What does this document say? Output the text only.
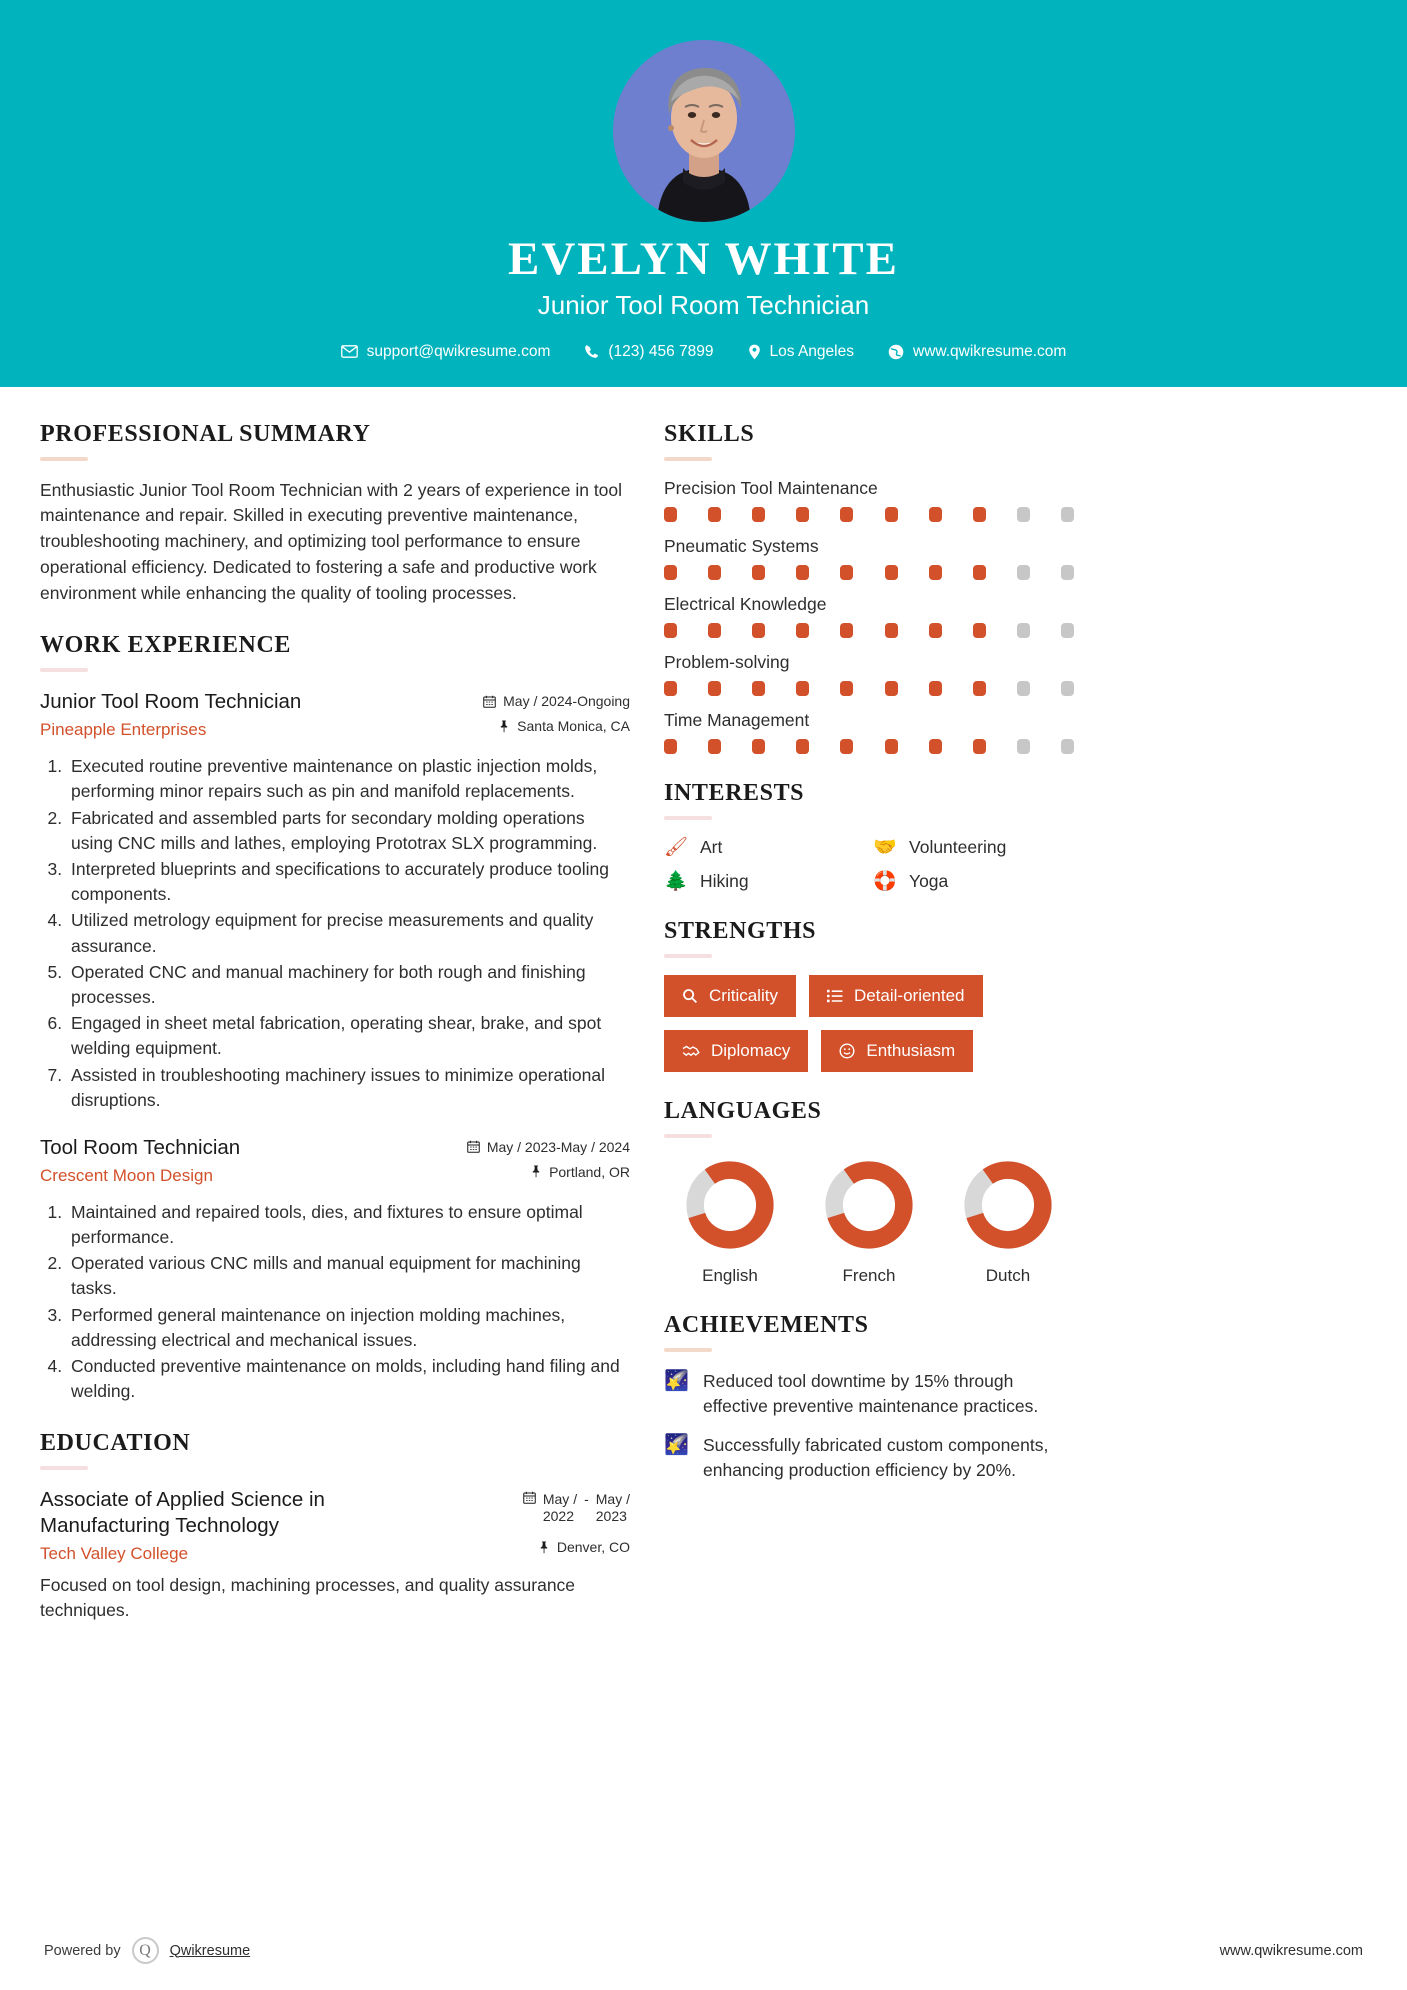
EVELYN WHITE
Junior Tool Room Technician
support@qwikresume.com	(123) 456 7899	Los Angeles	www.qwikresume.com
PROFESSIONAL SUMMARY
Enthusiastic Junior Tool Room Technician with 2 years of experience in tool maintenance and repair. Skilled in executing preventive maintenance, troubleshooting machinery, and optimizing tool performance to ensure operational efficiency. Dedicated to fostering a safe and productive work environment while enhancing the quality of tooling processes.
WORK EXPERIENCE
Junior Tool Room Technician
Pineapple Enterprises
May / 2024-Ongoing
Santa Monica, CA
1. Executed routine preventive maintenance on plastic injection molds, performing minor repairs such as pin and manifold replacements.
2. Fabricated and assembled parts for secondary molding operations using CNC mills and lathes, employing Prototrax SLX programming.
3. Interpreted blueprints and specifications to accurately produce tooling components.
4. Utilized metrology equipment for precise measurements and quality assurance.
5. Operated CNC and manual machinery for both rough and finishing processes.
6. Engaged in sheet metal fabrication, operating shear, brake, and spot welding equipment.
7. Assisted in troubleshooting machinery issues to minimize operational disruptions.
Tool Room Technician
Crescent Moon Design
May / 2023-May / 2024
Portland, OR
1. Maintained and repaired tools, dies, and fixtures to ensure optimal performance.
2. Operated various CNC mills and manual equipment for machining tasks.
3. Performed general maintenance on injection molding machines, addressing electrical and mechanical issues.
4. Conducted preventive maintenance on molds, including hand filing and welding.
EDUCATION
Associate of Applied Science in Manufacturing Technology
Tech Valley College
May /
2022
- May /
2023
Denver, CO
Focused on tool design, machining processes, and quality assurance techniques.
SKILLS
Precision Tool Maintenance
Pneumatic Systems
Electrical Knowledge
Problem-solving
Time Management
INTERESTS
🖌 Art	🤝 Volunteering
🌲 Hiking	🛟 Yoga
STRENGTHS
Criticality	Detail-oriented
Diplomacy	Enthusiasm
LANGUAGES
English	French	Dutch
ACHIEVEMENTS
🌠 Reduced tool downtime by 15% through effective preventive maintenance practices.
🌠 Successfully fabricated custom components, enhancing production efficiency by 20%.
Powered by	Q	Qwikresume	www.qwikresume.com
